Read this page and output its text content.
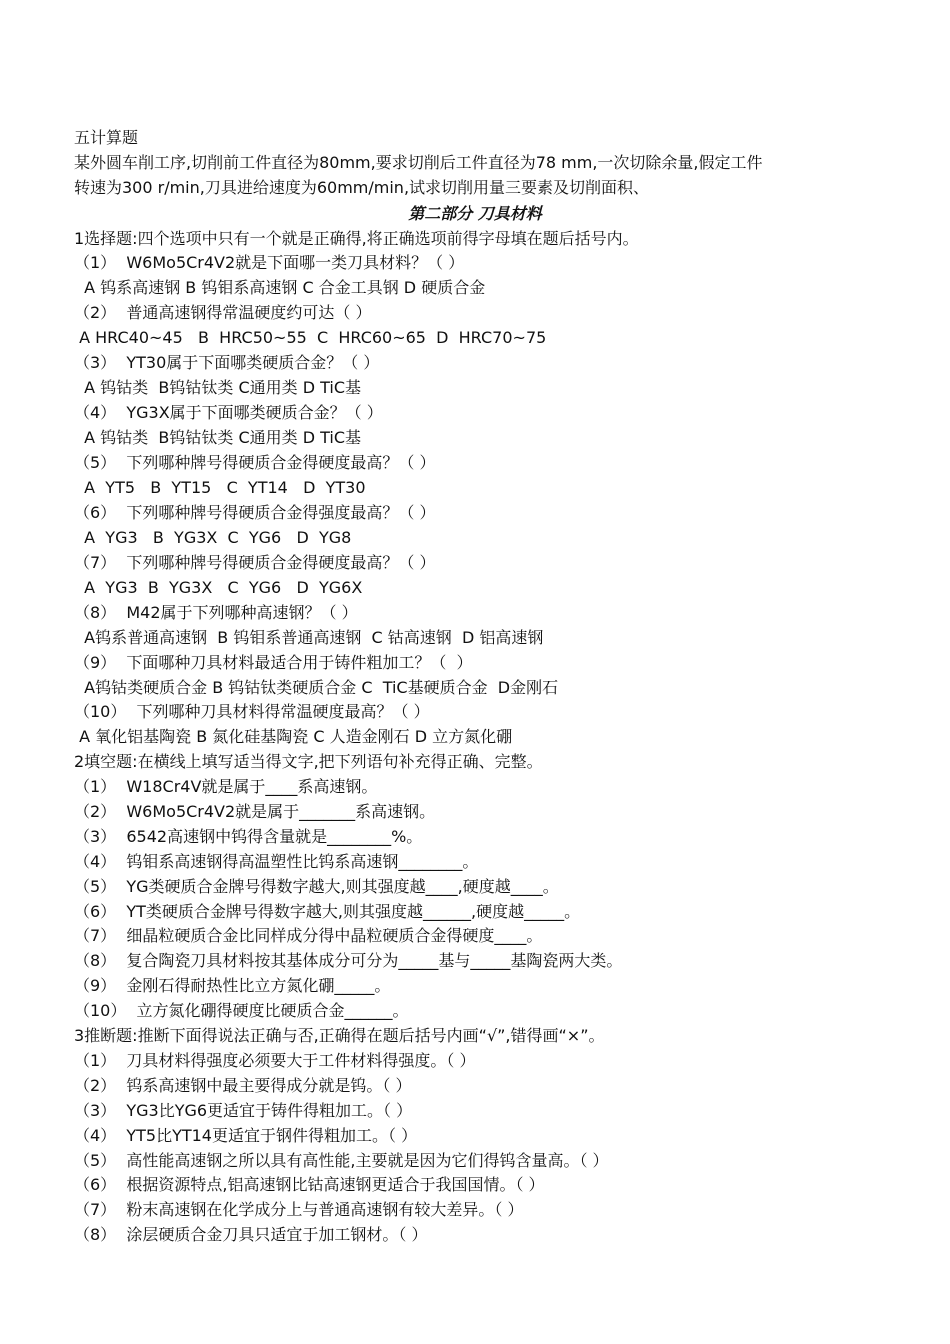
五计算题
某外圆车削工序,切削前工件直径为80mm,要求切削后工件直径为78 mm,一次切除余量,假定工件
转速为300 r/min,刀具进给速度为60mm/min,试求切削用量三要素及切削面积、
第二部分 刀具材料
1选择题:四个选项中只有一个就是正确得,将正确选项前得字母填在题后括号内。
（1）  W6Mo5Cr4V2就是下面哪一类刀具材料？（ ）
A 钨系高速钢 B 钨钼系高速钢 C 合金工具钢 D 硬质合金
（2）  普通高速钢得常温硬度约可达（ ）
A HRC40~45   B  HRC50~55  C  HRC60~65  D  HRC70~75
（3）  YT30属于下面哪类硬质合金？（ ）
A 钨钴类  B钨钴钛类 C通用类 D TiC基
（4）  YG3X属于下面哪类硬质合金？（ ）
A 钨钴类  B钨钴钛类 C通用类 D TiC基
（5）  下列哪种牌号得硬质合金得硬度最高？（ ）
A  YT5   B  YT15   C  YT14   D  YT30
（6）  下列哪种牌号得硬质合金得强度最高？（ ）
A  YG3   B  YG3X  C  YG6   D  YG8
（7）  下列哪种牌号得硬质合金得硬度最高？（ ）
A  YG3  B  YG3X   C  YG6   D  YG6X
（8）  M42属于下列哪种高速钢？（ ）
A钨系普通高速钢  B 钨钼系普通高速钢  C 钴高速钢  D 铝高速钢
（9）  下面哪种刀具材料最适合用于铸件粗加工？（  ）
A钨钴类硬质合金 B 钨钴钛类硬质合金 C  TiC基硬质合金  D金刚石
（10）  下列哪种刀具材料得常温硬度最高？（ ）
A 氧化铝基陶瓷 B 氮化硅基陶瓷 C 人造金刚石 D 立方氮化硼
2填空题:在横线上填写适当得文字,把下列语句补充得正确、完整。
（1）  W18Cr4V就是属于____系高速钢。
（2）  W6Mo5Cr4V2就是属于_______系高速钢。
（3）  6542高速钢中钨得含量就是________%。
（4）  钨钼系高速钢得高温塑性比钨系高速钢________。
（5）  YG类硬质合金牌号得数字越大,则其强度越____,硬度越____。
（6）  YT类硬质合金牌号得数字越大,则其强度越______,硬度越_____。
（7）  细晶粒硬质合金比同样成分得中晶粒硬质合金得硬度____。
（8）  复合陶瓷刀具材料按其基体成分可分为_____基与_____基陶瓷两大类。
（9）  金刚石得耐热性比立方氮化硼_____。
（10）  立方氮化硼得硬度比硬质合金______。
3推断题:推断下面得说法正确与否,正确得在题后括号内画“√”,错得画“×”。
（1）  刀具材料得强度必须要大于工件材料得强度。（ ）
（2）  钨系高速钢中最主要得成分就是钨。（ ）
（3）  YG3比YG6更适宜于铸件得粗加工。（ ）
（4）  YT5比YT14更适宜于钢件得粗加工。（ ）
（5）  高性能高速钢之所以具有高性能,主要就是因为它们得钨含量高。（ ）
（6）  根据资源特点,铝高速钢比钴高速钢更适合于我国国情。（ ）
（7）  粉末高速钢在化学成分上与普通高速钢有较大差异。（ ）
（8）  涂层硬质合金刀具只适宜于加工钢材。（ ）
